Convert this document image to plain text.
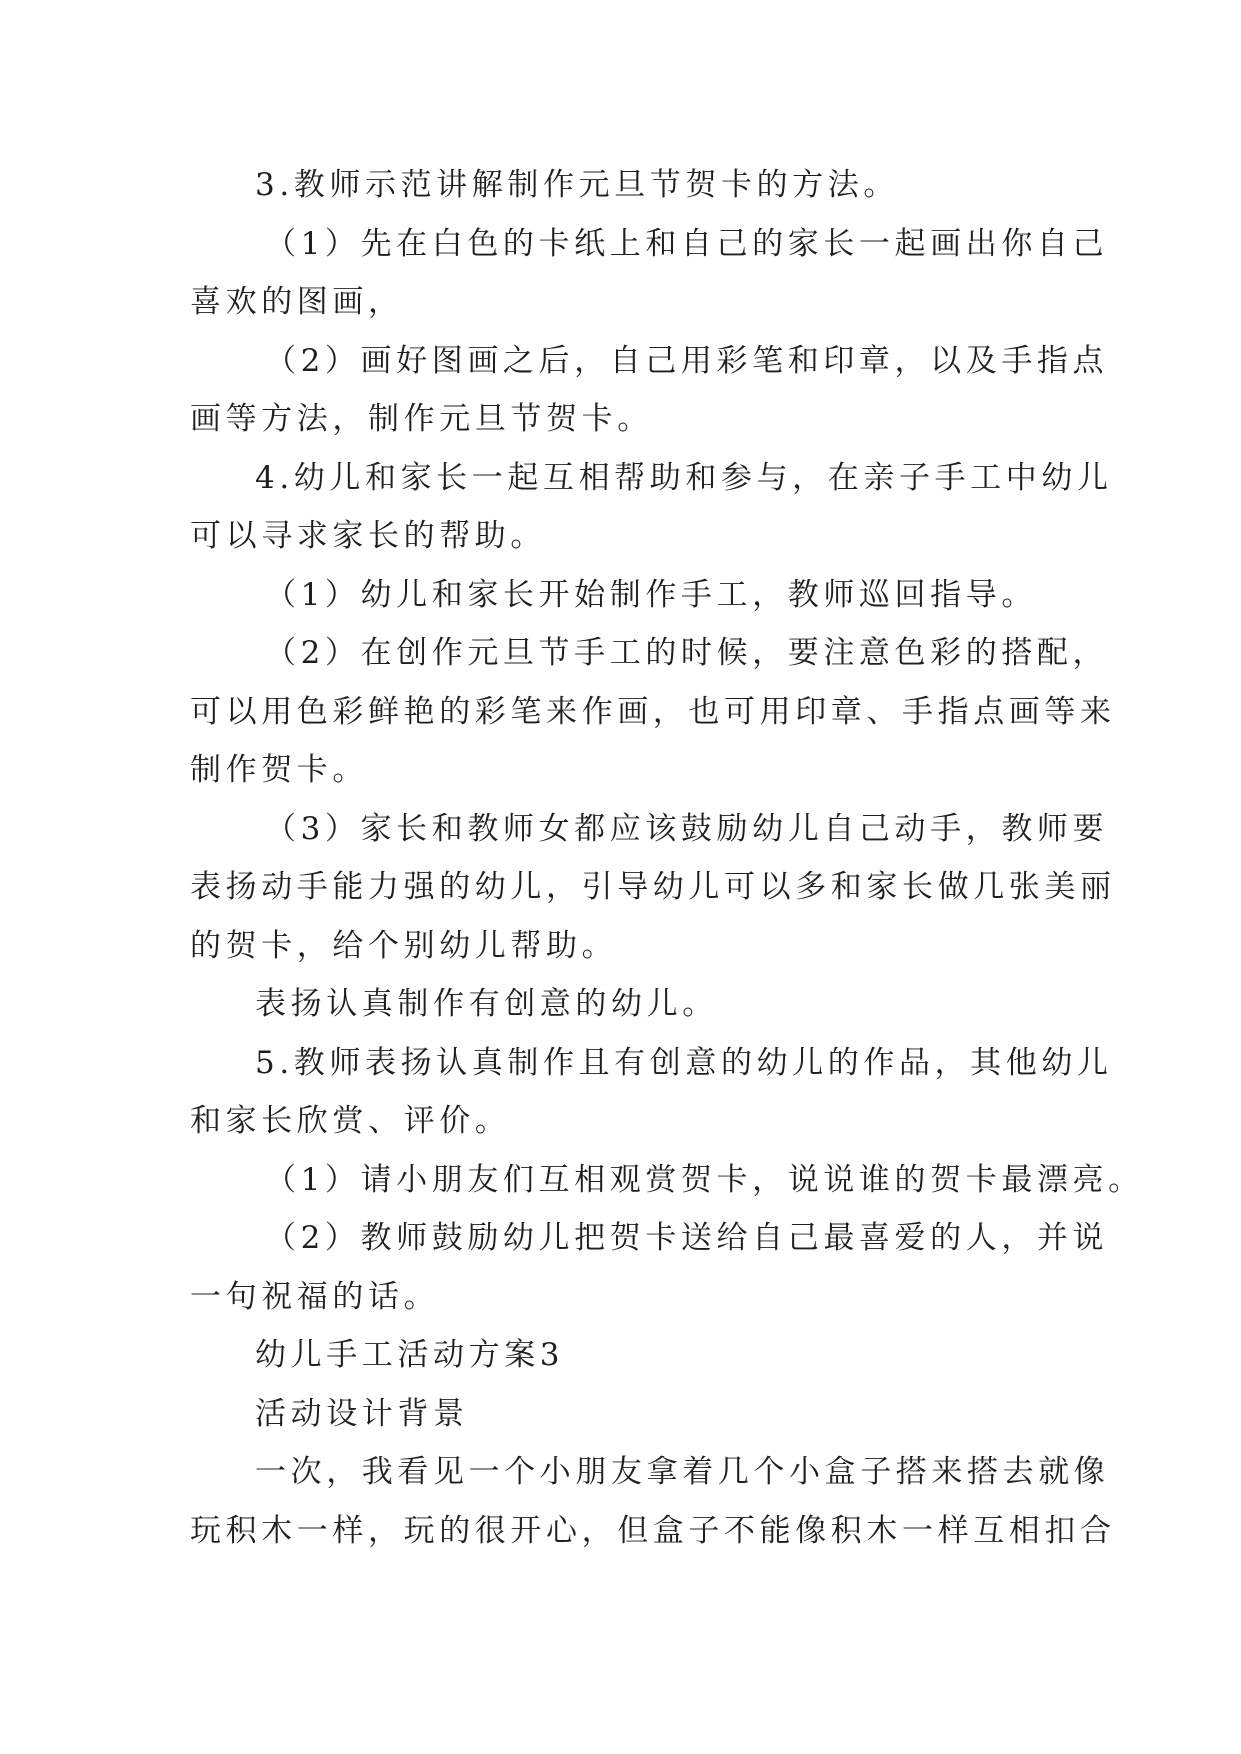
3.教师示范讲解制作元旦节贺卡的方法。

（1）先在白色的卡纸上和自己的家长一起画出你自己

喜欢的图画，

（2）画好图画之后，自己用彩笔和印章，以及手指点

画等方法，制作元旦节贺卡。

4.幼儿和家长一起互相帮助和参与，在亲子手工中幼儿

可以寻求家长的帮助。

（1）幼儿和家长开始制作手工，教师巡回指导。

（2）在创作元旦节手工的时候，要注意色彩的搭配，

可以用色彩鲜艳的彩笔来作画，也可用印章、手指点画等来

制作贺卡。

（3）家长和教师女都应该鼓励幼儿自己动手，教师要

表扬动手能力强的幼儿，引导幼儿可以多和家长做几张美丽

的贺卡，给个别幼儿帮助。

表扬认真制作有创意的幼儿。

5.教师表扬认真制作且有创意的幼儿的作品，其他幼儿

和家长欣赏、评价。

（1）请小朋友们互相观赏贺卡，说说谁的贺卡最漂亮。

（2）教师鼓励幼儿把贺卡送给自己最喜爱的人，并说

一句祝福的话。

幼儿手工活动方案3

活动设计背景

一次，我看见一个小朋友拿着几个小盒子搭来搭去就像

玩积木一样，玩的很开心，但盒子不能像积木一样互相扣合
